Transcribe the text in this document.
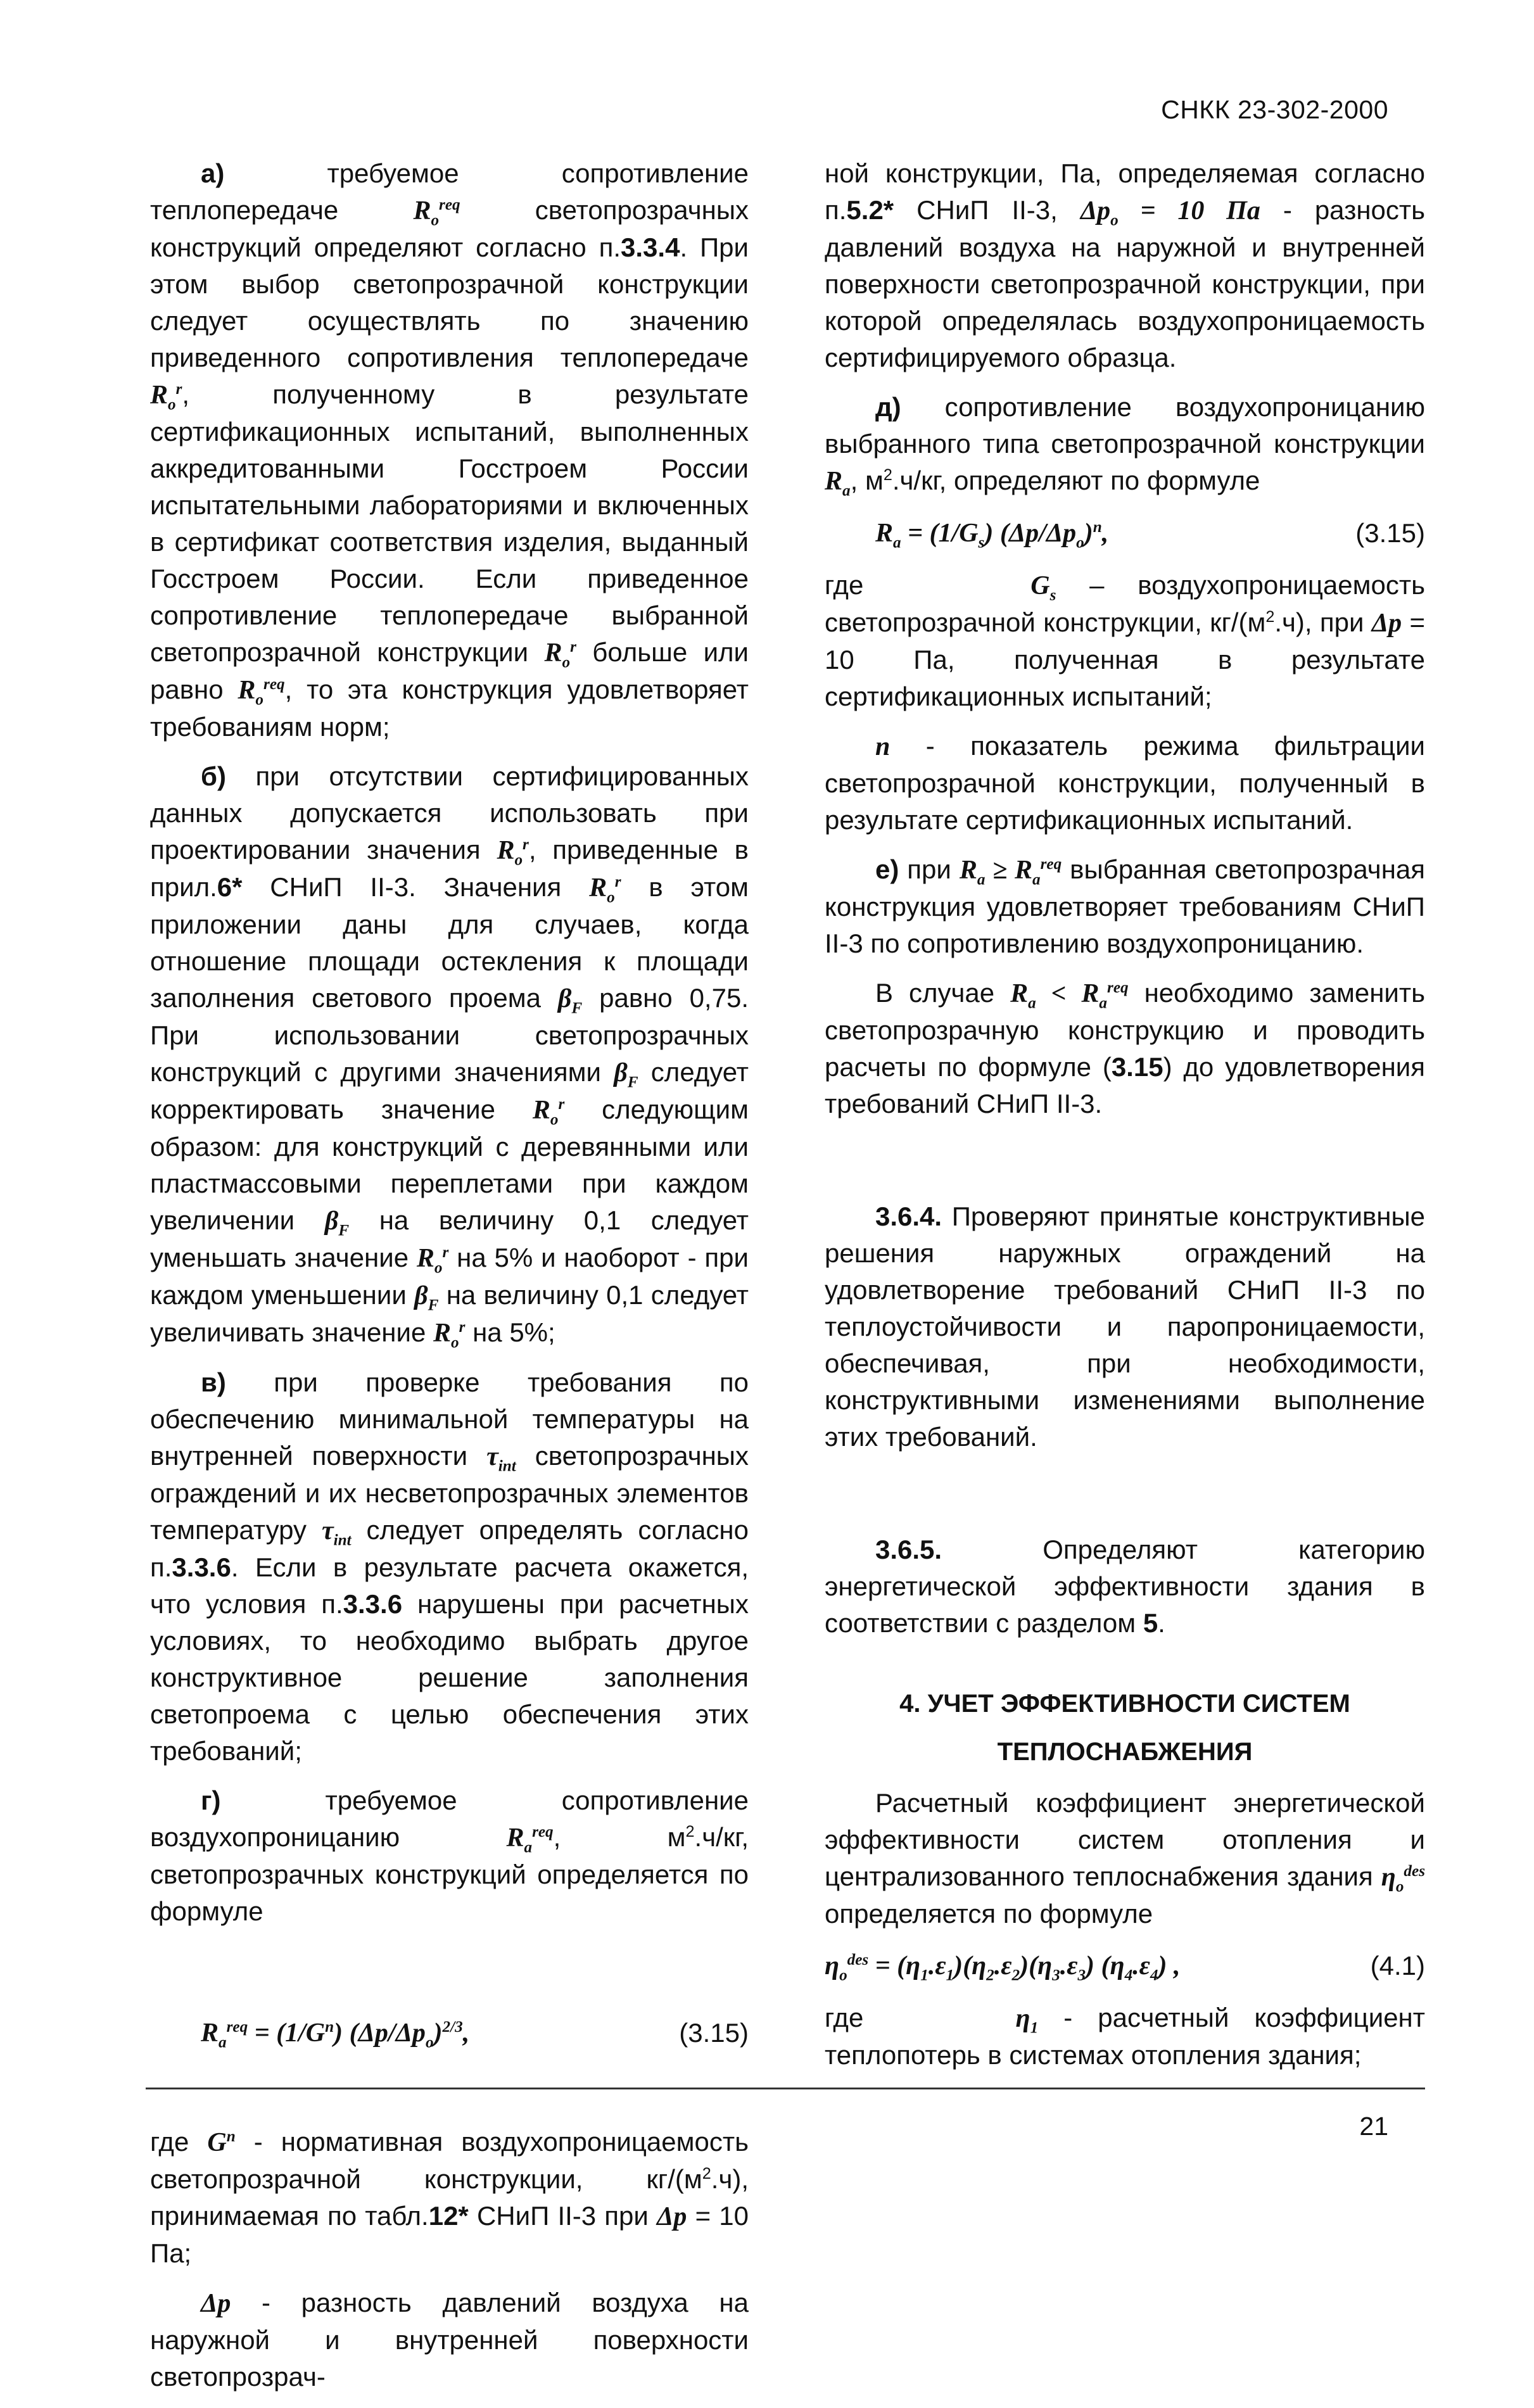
СНКК 23-302-2000

а) требуемое сопротивление теплопередаче $R_o^{req}$ светопрозрачных конструкций определяют согласно п.3.3.4. При этом выбор светопрозрачной конструкции следует осуществлять по значению приведенного сопротивления теплопередаче $R_o^r$, полученному в результате сертификационных испытаний, выполненных аккредитованными Госстроем России испытательными лабораториями и включенных в сертификат соответствия изделия, выданный Госстроем России. Если приведенное сопротивление теплопередаче выбранной светопрозрачной конструкции $R_o^r$ больше или равно $R_o^{req}$, то эта конструкция удовлетворяет требованиям норм;

б) при отсутствии сертифицированных данных допускается использовать при проектировании значения $R_o^r$, приведенные в прил.6* СНиП II-3. Значения $R_o^r$ в этом приложении даны для случаев, когда отношение площади остекления к площади заполнения светового проема $\beta_F$ равно 0,75. При использовании светопрозрачных конструкций с другими значениями $\beta_F$ следует корректировать значение $R_o^r$ следующим образом: для конструкций с деревянными или пластмассовыми переплетами при каждом увеличении $\beta_F$ на величину 0,1 следует уменьшать значение $R_o^r$ на 5% и наоборот - при каждом уменьшении $\beta_F$ на величину 0,1 следует увеличивать значение $R_o^r$ на 5%;

в) при проверке требования по обеспечению минимальной температуры на внутренней поверхности $\tau_{int}$ светопрозрачных ограждений и их несветопрозрачных элементов температуру $\tau_{int}$ следует определять согласно п.3.3.6. Если в результате расчета окажется, что условия п.3.3.6 нарушены при расчетных условиях, то необходимо выбрать другое конструктивное решение заполнения светопроема с целью обеспечения этих требований;

г) требуемое сопротивление воздухопроницанию $R_a^{req}$, $м^2.ч/кг$, светопрозрачных конструкций определяется по формуле

$R_a^{req} = (1/G^n)$ $(\Delta p/\Delta p_o)^{2/3}$,	(3.15)

где $G^n$ - нормативная воздухопроницаемость светопрозрачной конструкции, $кг/(м^2.ч)$, принимаемая по табл.12* СНиП II-3 при Δp = 10 Па;

Δp - разность давлений воздуха на наружной и внутренней поверхности светопрозрач-

ной конструкции, Па, определяемая согласно п.5.2* СНиП II-3, $\Delta p_o = 10$ Па - разность давлений воздуха на наружной и внутренней поверхности светопрозрачной конструкции, при которой определялась воздухопроницаемость сертифицируемого образца.

д) сопротивление воздухопроницанию выбранного типа светопрозрачной конструкции $R_a$, $м^2.ч/кг$, определяют по формуле

$R_a = (1/G_s)$ $(\Delta p/\Delta p_o)^n$,	(3.15)

где	$G_s$ – воздухопроницаемость светопрозрачной конструкции, $кг/(м^2.ч)$, при Δp = 10 Па, полученная в результате сертификационных испытаний;

n - показатель режима фильтрации светопрозрачной конструкции, полученный в результате сертификационных испытаний.

е) при $R_a \ge R_a^{req}$ выбранная светопрозрачная конструкция удовлетворяет требованиям СНиП II-3 по сопротивлению воздухопроницанию.

В случае $R_a < R_a^{req}$ необходимо заменить светопрозрачную конструкцию и проводить расчеты по формуле (3.15) до удовлетворения требований СНиП II-3.

3.6.4. Проверяют принятые конструктивные решения наружных ограждений на удовлетворение требований СНиП II-3 по теплоустойчивости и паропроницаемости, обеспечивая, при необходимости, конструктивными изменениями выполнение этих требований.

3.6.5. Определяют категорию энергетической эффективности здания в соответствии с разделом 5.

4. УЧЕТ ЭФФЕКТИВНОСТИ СИСТЕМ

ТЕПЛОСНАБЖЕНИЯ

Расчетный коэффициент энергетической эффективности систем отопления и централизованного теплоснабжения здания $\eta_o^{des}$ определяется по формуле

$\eta_o^{des} = (\eta_1.\varepsilon_1)(\eta_2.\varepsilon_2)(\eta_3.\varepsilon_3)$ $(\eta_4.\varepsilon_4)$ ,	(4.1)

где	$\eta_1$ - расчетный коэффициент теплопотерь в системах отопления здания;

21
